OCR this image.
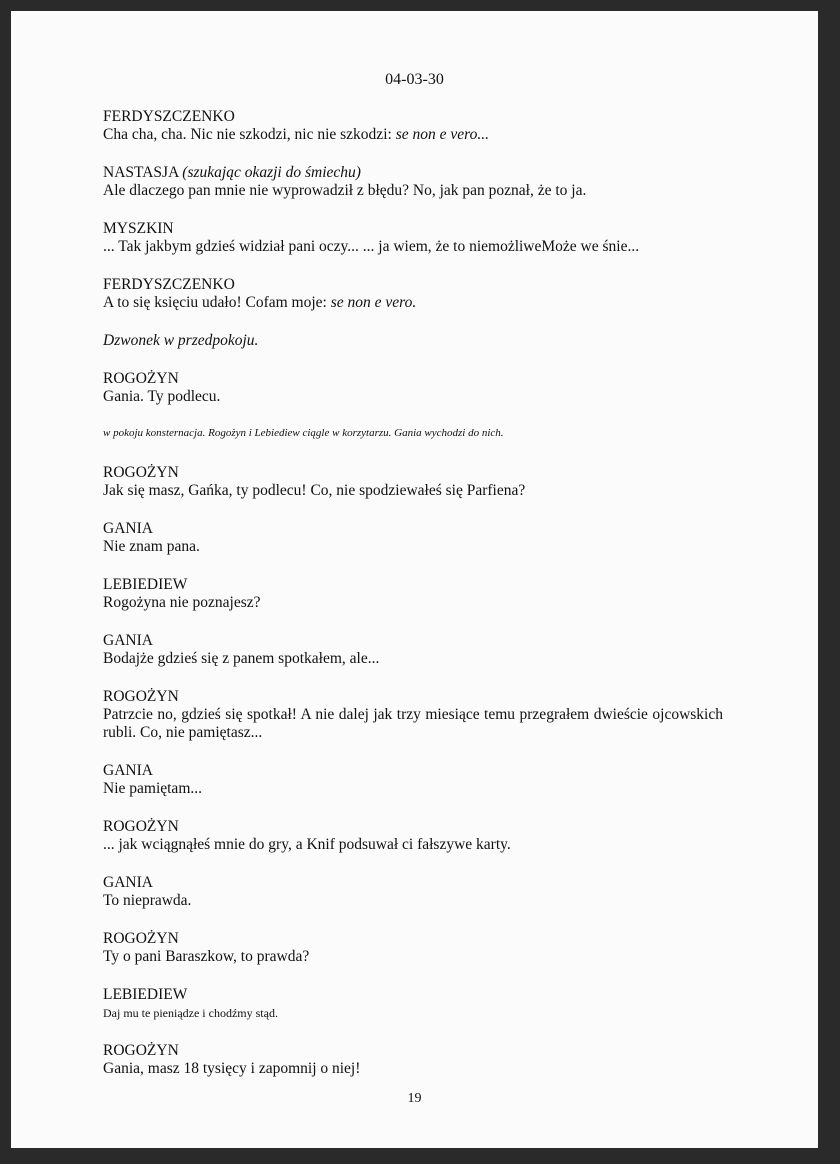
04-03-30
FERDYSZCZENKO
Cha cha, cha. Nic nie szkodzi, nic nie szkodzi: se non e vero...
NASTASJA (szukając okazji do śmiechu)
Ale dlaczego pan mnie nie wyprowadził z błędu? No, jak pan poznał, że to ja.
MYSZKIN
... Tak jakbym gdzieś widział pani oczy... ... ja wiem, że to niemożliweMoże we śnie...
FERDYSZCZENKO
A to się księciu udało! Cofam moje: se non e vero.
Dzwonek w przedpokoju.
ROGOŻYN
Gania. Ty podlecu.
w pokoju konsternacja. Rogożyn i Lebiediew ciągle w korzytarzu. Gania wychodzi do nich.
ROGOŻYN
Jak się masz, Gańka, ty podlecu! Co, nie spodziewałeś się Parfiena?
GANIA
Nie znam pana.
LEBIEDIEW
Rogożyna nie poznajesz?
GANIA
Bodajże gdzieś się z panem spotkałem, ale...
ROGOŻYN
Patrzcie no, gdzieś się spotkał! A nie dalej jak trzy miesiące temu przegrałem dwieście ojcowskich rubli. Co, nie pamiętasz...
GANIA
Nie pamiętam...
ROGOŻYN
... jak wciągnąłeś mnie do gry, a Knif podsuwał ci fałszywe karty.
GANIA
To nieprawda.
ROGOŻYN
Ty o pani Baraszkow, to prawda?
LEBIEDIEW
Daj mu te pieniądze i chodźmy stąd.
ROGOŻYN
Gania, masz 18 tysięcy i zapomnij o niej!
19
